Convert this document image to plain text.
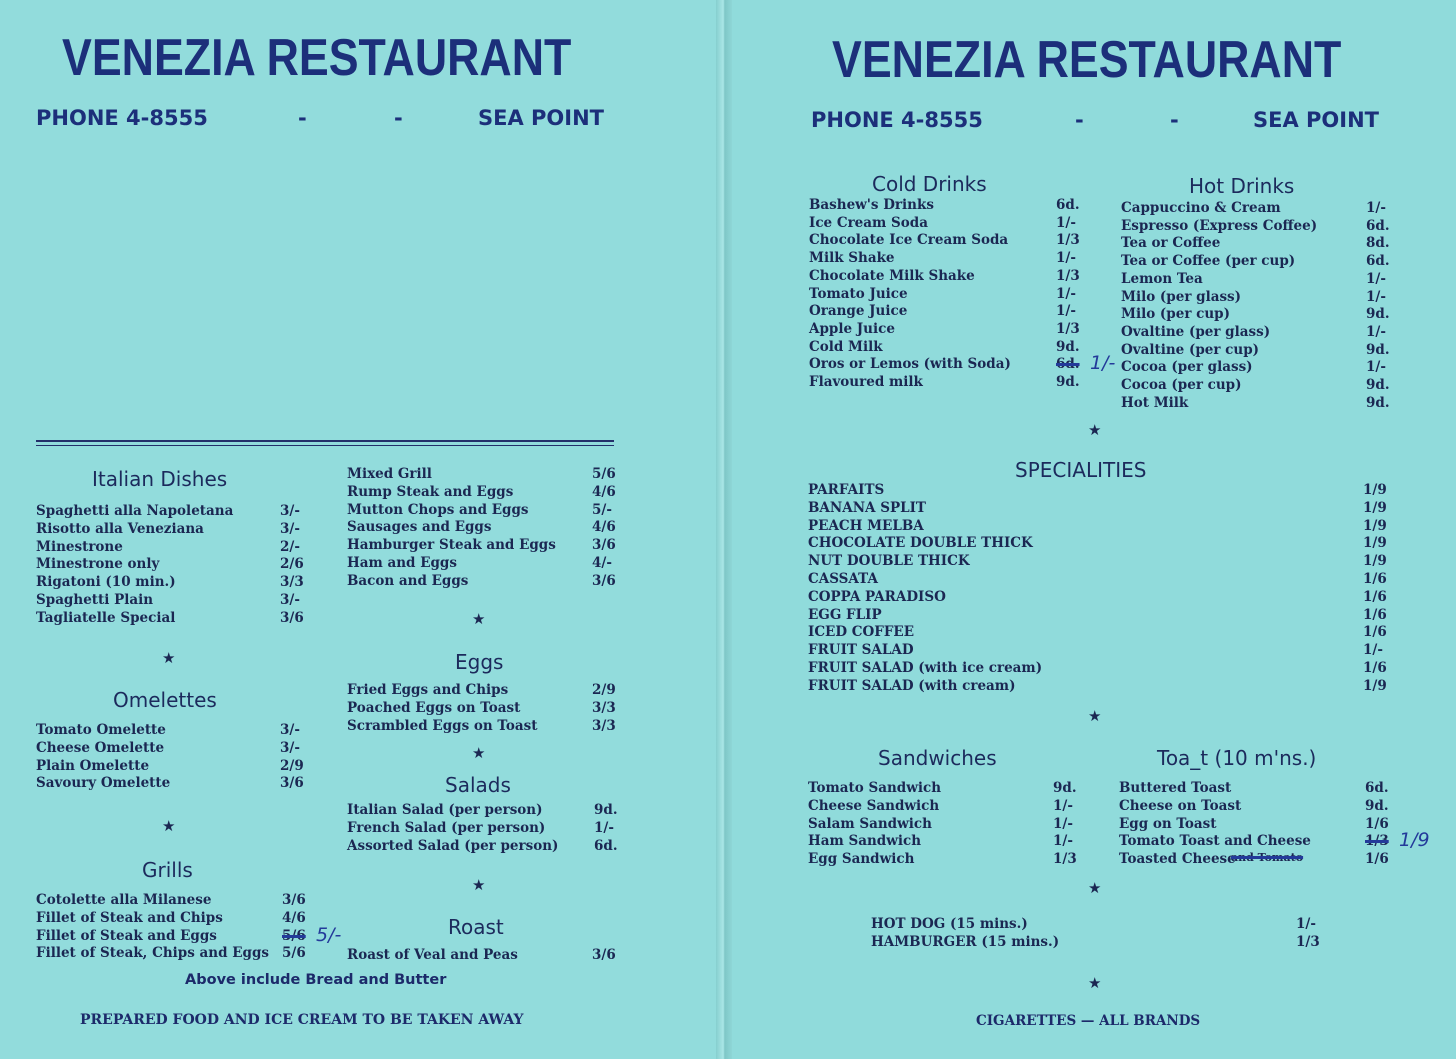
VENEZIA RESTAURANT
PHONE 4-8555	-	-	SEA POINT
Italian Dishes
★
Omelettes
★
Grills
★
Eggs
★
Salads
★
Roast
Above include Bread and Butter
PREPARED FOOD AND ICE CREAM TO BE TAKEN AWAY
VENEZIA RESTAURANT
PHONE 4-8555	-	-	SEA POINT
Cold Drinks	Hot Drinks
★
SPECIALITIES
★
Sandwiches	Toa_t (10 m'ns.)
★
★
CIGARETTES — ALL BRANDS
Spaghetti alla Napoletana	3/-
Risotto alla Veneziana	3/-
Minestrone	2/-
Minestrone only	2/6
Rigatoni (10 min.)	3/3
Spaghetti Plain	3/-
Tagliatelle Special	3/6
Tomato Omelette	3/-
Cheese Omelette	3/-
Plain Omelette	2/9
Savoury Omelette	3/6
Cotolette alla Milanese	3/6
Fillet of Steak and Chips	4/6
Fillet of Steak and Eggs	5/6 5/-
Fillet of Steak, Chips and Eggs 5/6
Mixed Grill	5/6
Rump Steak and Eggs	4/6
Mutton Chops and Eggs	5/-
Sausages and Eggs	4/6
Hamburger Steak and Eggs	3/6
Ham and Eggs	4/-
Bacon and Eggs	3/6
Fried Eggs and Chips	2/9
Poached Eggs on Toast	3/3
Scrambled Eggs on Toast	3/3
Italian Salad (per person)	9d.
French Salad (per person)	1/-
Assorted Salad (per person)	6d.
Roast of Veal and Peas	3/6
Bashew's Drinks	6d.
Ice Cream Soda	1/-
Chocolate Ice Cream Soda	1/3
Milk Shake	1/-
Chocolate Milk Shake	1/3
Tomato Juice	1/-
Orange Juice	1/-
Apple Juice	1/3
Cold Milk	9d.
Oros or Lemos (with Soda)	6d. 1/-
Flavoured milk	9d.
Cappuccino & Cream	1/-
Espresso (Express Coffee)	6d.
Tea or Coffee	8d.
Tea or Coffee (per cup)	6d.
Lemon Tea	1/-
Milo (per glass)	1/-
Milo (per cup)	9d.
Ovaltine (per glass)	1/-
Ovaltine (per cup)	9d.
Cocoa (per glass)	1/-
Cocoa (per cup)	9d.
Hot Milk	9d.
PARFAITS	1/9
BANANA SPLIT	1/9
PEACH MELBA	1/9
CHOCOLATE DOUBLE THICK	1/9
NUT DOUBLE THICK	1/9
CASSATA	1/6
COPPA PARADISO	1/6
EGG FLIP	1/6
ICED COFFEE	1/6
FRUIT SALAD	1/-
FRUIT SALAD (with ice cream)	1/6
FRUIT SALAD (with cream)	1/9
Tomato Sandwich	9d.
Cheese Sandwich	1/-
Salam Sandwich	1/-
Ham Sandwich	1/-
Egg Sandwich	1/3
Buttered Toast	6d.
Cheese on Toast	9d.
Egg on Toast	1/6
Tomato Toast and Cheese	1/3 1/9
Toasted Cheese
and Tomato	1/6
HOT DOG (15 mins.)	1/-
HAMBURGER (15 mins.)	1/3
